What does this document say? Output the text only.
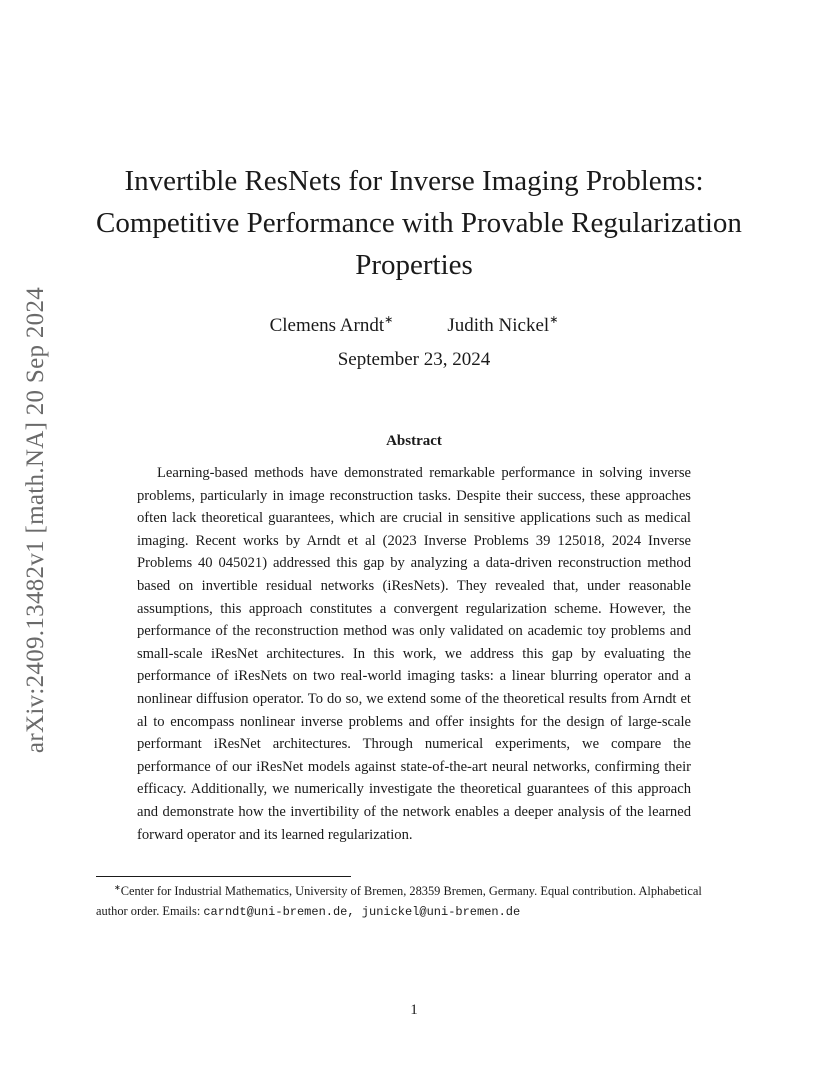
arXiv:2409.13482v1 [math.NA] 20 Sep 2024
Invertible ResNets for Inverse Imaging Problems:
Competitive Performance with Provable Regularization
Properties
Clemens Arndt∗	Judith Nickel∗
September 23, 2024
Abstract

Learning-based methods have demonstrated remarkable performance in solving inverse problems, particularly in image reconstruction tasks. Despite their success, these approaches often lack theoretical guarantees, which are crucial in sensitive applications such as medical imaging. Recent works by Arndt et al (2023 Inverse Problems 39 125018, 2024 Inverse Problems 40 045021) addressed this gap by analyzing a data-driven reconstruction method based on invertible residual networks (iResNets). They revealed that, under reasonable assumptions, this approach constitutes a convergent regularization scheme. However, the performance of the reconstruction method was only validated on academic toy problems and small-scale iResNet architectures. In this work, we address this gap by evaluating the performance of iResNets on two real-world imaging tasks: a linear blurring operator and a nonlinear diffusion operator. To do so, we extend some of the theoretical results from Arndt et al to encompass nonlinear inverse problems and offer insights for the design of large-scale performant iResNet architectures. Through numerical experiments, we compare the performance of our iResNet models against state-of-the-art neural networks, confirming their efficacy. Additionally, we numerically investigate the theoretical guarantees of this approach and demonstrate how the invertibility of the network enables a deeper analysis of the learned forward operator and its learned regularization.

∗Center for Industrial Mathematics, University of Bremen, 28359 Bremen, Germany. Equal contribution. Alphabetical author order. Emails: carndt@uni-bremen.de, junickel@uni-bremen.de
1
